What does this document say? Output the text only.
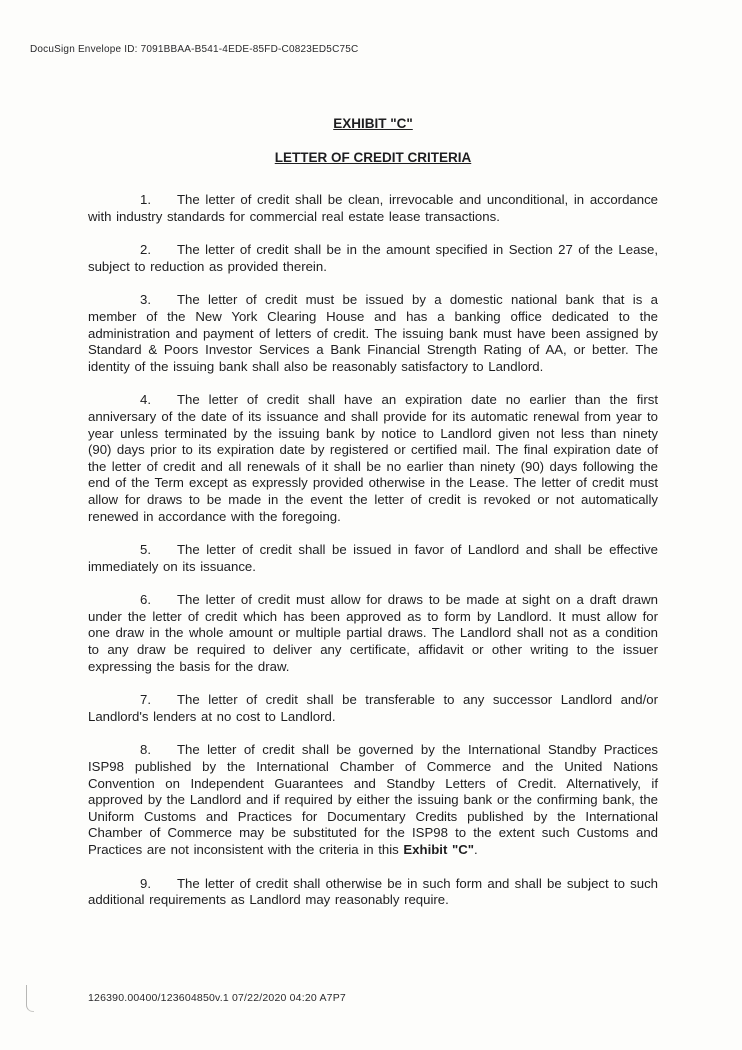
DocuSign Envelope ID: 7091BBAA-B541-4EDE-85FD-C0823ED5C75C

EXHIBIT "C"

LETTER OF CREDIT CRITERIA

1. The letter of credit shall be clean, irrevocable and unconditional, in accordance with industry standards for commercial real estate lease transactions.

2. The letter of credit shall be in the amount specified in Section 27 of the Lease, subject to reduction as provided therein.

3. The letter of credit must be issued by a domestic national bank that is a member of the New York Clearing House and has a banking office dedicated to the administration and payment of letters of credit. The issuing bank must have been assigned by Standard & Poors Investor Services a Bank Financial Strength Rating of AA, or better. The identity of the issuing bank shall also be reasonably satisfactory to Landlord.

4. The letter of credit shall have an expiration date no earlier than the first anniversary of the date of its issuance and shall provide for its automatic renewal from year to year unless terminated by the issuing bank by notice to Landlord given not less than ninety (90) days prior to its expiration date by registered or certified mail. The final expiration date of the letter of credit and all renewals of it shall be no earlier than ninety (90) days following the end of the Term except as expressly provided otherwise in the Lease. The letter of credit must allow for draws to be made in the event the letter of credit is revoked or not automatically renewed in accordance with the foregoing.

5. The letter of credit shall be issued in favor of Landlord and shall be effective immediately on its issuance.

6. The letter of credit must allow for draws to be made at sight on a draft drawn under the letter of credit which has been approved as to form by Landlord. It must allow for one draw in the whole amount or multiple partial draws. The Landlord shall not as a condition to any draw be required to deliver any certificate, affidavit or other writing to the issuer expressing the basis for the draw.

7. The letter of credit shall be transferable to any successor Landlord and/or Landlord's lenders at no cost to Landlord.

8. The letter of credit shall be governed by the International Standby Practices ISP98 published by the International Chamber of Commerce and the United Nations Convention on Independent Guarantees and Standby Letters of Credit. Alternatively, if approved by the Landlord and if required by either the issuing bank or the confirming bank, the Uniform Customs and Practices for Documentary Credits published by the International Chamber of Commerce may be substituted for the ISP98 to the extent such Customs and Practices are not inconsistent with the criteria in this Exhibit "C".

9. The letter of credit shall otherwise be in such form and shall be subject to such additional requirements as Landlord may reasonably require.

126390.00400/123604850v.1 07/22/2020 04:20 A7P7
